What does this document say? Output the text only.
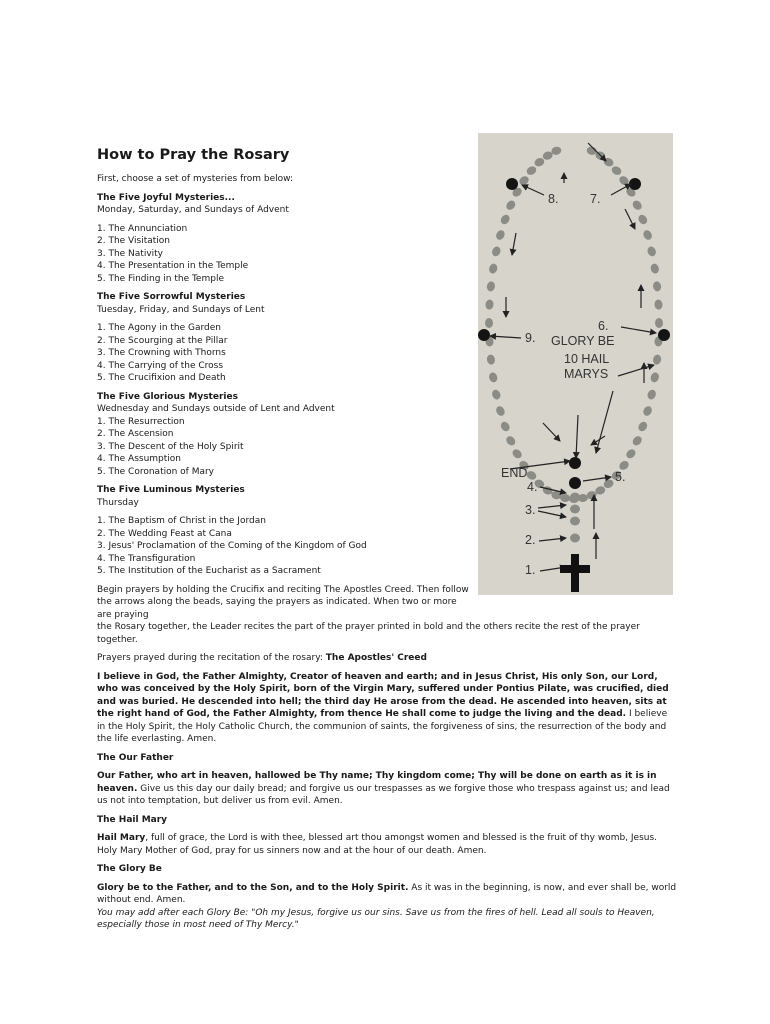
How to Pray the Rosary
First, choose a set of mysteries from below:
The Five Joyful Mysteries...
Monday, Saturday, and Sundays of Advent
1. The Annunciation
2. The Visitation
3. The Nativity
4. The Presentation in the Temple
5. The Finding in the Temple
The Five Sorrowful Mysteries
Tuesday, Friday, and Sundays of Lent
1. The Agony in the Garden
2. The Scourging at the Pillar
3. The Crowning with Thorns
4. The Carrying of the Cross
5. The Crucifixion and Death
The Five Glorious Mysteries
Wednesday and Sundays outside of Lent and Advent
1. The Resurrection
2. The Ascension
3. The Descent of the Holy Spirit
4. The Assumption
5. The Coronation of Mary
The Five Luminous Mysteries
Thursday
1. The Baptism of Christ in the Jordan
2. The Wedding Feast at Cana
3. Jesus' Proclamation of the Coming of the Kingdom of God
4. The Transfiguration
5. The Institution of the Eucharist as a Sacrament
Begin prayers by holding the Crucifix and reciting The Apostles Creed. Then follow the arrows along the beads, saying the prayers as indicated. When two or more are praying
the Rosary together, the Leader recites the part of the prayer printed in bold and the others recite the rest of the prayer together.
Prayers prayed during the recitation of the rosary: The Apostles' Creed
I believe in God, the Father Almighty, Creator of heaven and earth; and in Jesus Christ, His only Son, our Lord, who was conceived by the Holy Spirit, born of the Virgin Mary, suffered under Pontius Pilate, was crucified, died and was buried. He descended into hell; the third day He arose from the dead. He ascended into heaven, sits at the right hand of God, the Father Almighty, from thence He shall come to judge the living and the dead. I believe in the Holy Spirit, the Holy Catholic Church, the communion of saints, the forgiveness of sins, the resurrection of the body and the life everlasting. Amen.
The Our Father
Our Father, who art in heaven, hallowed be Thy name; Thy kingdom come; Thy will be done on earth as it is in heaven. Give us this day our daily bread; and forgive us our trespasses as we forgive those who trespass against us; and lead us not into temptation, but deliver us from evil. Amen.
The Hail Mary
Hail Mary, full of grace, the Lord is with thee, blessed art thou amongst women and blessed is the fruit of thy womb, Jesus. Holy Mary Mother of God, pray for us sinners now and at the hour of our death. Amen.
The Glory Be
Glory be to the Father, and to the Son, and to the Holy Spirit. As it was in the beginning, is now, and ever shall be, world without end. Amen.
You may add after each Glory Be: "Oh my Jesus, forgive us our sins. Save us from the fires of hell. Lead all souls to Heaven, especially those in most need of Thy Mercy."
8.	7.
9.
6.
GLORY BE
10 HAIL
MARYS
END	5.
4.
3.
2.
1.
